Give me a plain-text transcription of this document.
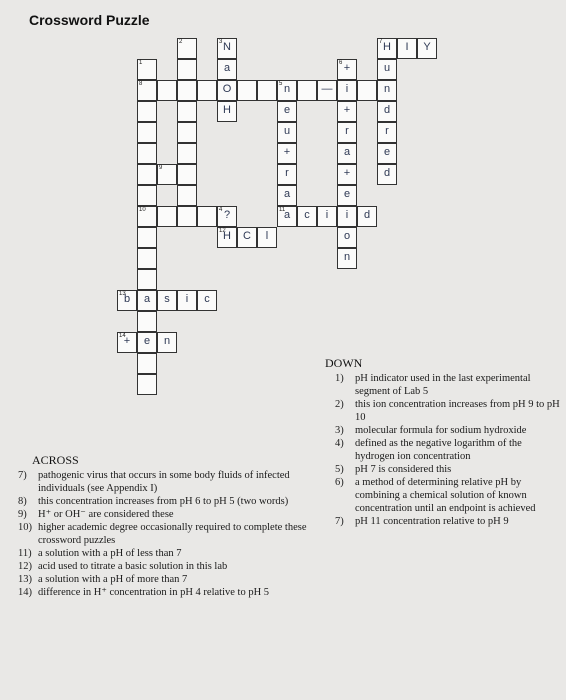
Crossword Puzzle
2	3 N	7 H	I	Y
1	a	6 +	u
8	O	5 n	—	i	n
H	e	+	d
u	r	r
+	a	e
9	r	+	d
a	e
10	4 ?	11
a	c	i	i	d
12
H	C	l	o
n
13
b	a	s	i	c
14
+	e	n
ACROSS
7)	pathogenic virus that occurs in some body fluids of infected individuals (see Appendix I)
8)	this concentration increases from pH 6 to pH 5 (two words)
9)	H⁺ or OH⁻ are considered these
10) higher academic degree occasionally required to complete these crossword puzzles
11) a solution with a pH of less than 7
12) acid used to titrate a basic solution in this lab
13) a solution with a pH of more than 7
14) difference in H⁺ concentration in pH 4 relative to pH 5
DOWN
1)	pH indicator used in the last experimental segment of Lab 5
2)	this ion concentration increases from pH 9 to pH 10
3)	molecular formula for sodium hydroxide
4)	defined as the negative logarithm of the hydrogen ion concentration
5)	pH 7 is considered this
6)	a method of determining relative pH by combining a chemical solution of known concentration until an endpoint is achieved
7)	pH 11 concentration relative to pH 9
